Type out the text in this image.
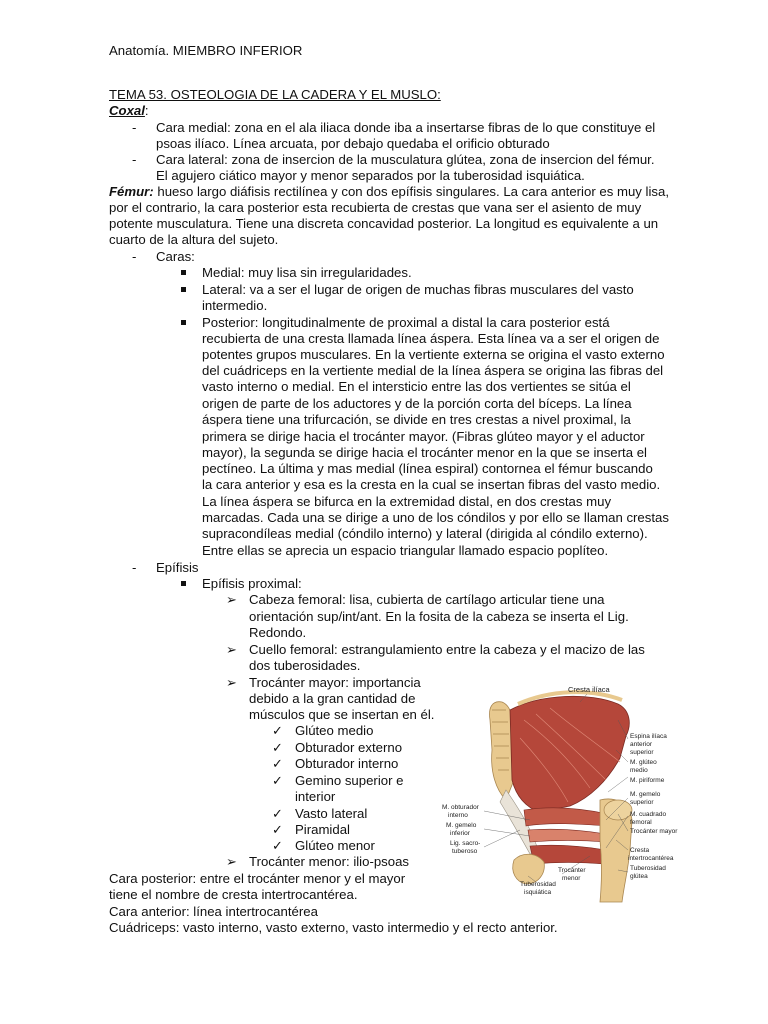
Anatomía. MIEMBRO INFERIOR
TEMA 53. OSTEOLOGIA DE LA CADERA Y EL MUSLO:
Coxal:
- Cara medial: zona en el ala iliaca donde iba a insertarse fibras de lo que constituye el
psoas ilíaco. Línea arcuata, por debajo quedaba el orificio obturado
- Cara lateral: zona de insercion de la musculatura glútea, zona de insercion del fémur.
El agujero ciático mayor y menor separados por la tuberosidad isquiática.
Fémur: hueso largo diáfisis rectilínea y con dos epífisis singulares. La cara anterior es muy lisa,
por el contrario, la cara posterior esta recubierta de crestas que vana ser el asiento de muy
potente musculatura. Tiene una discreta concavidad posterior. La longitud es equivalente a un
cuarto de la altura del sujeto.
- Caras:
Medial: muy lisa sin irregularidades.
Lateral: va a ser el lugar de origen de muchas fibras musculares del vasto
intermedio.
Posterior: longitudinalmente de proximal a distal la cara posterior está
recubierta de una cresta llamada línea áspera. Esta línea va a ser el origen de
potentes grupos musculares. En la vertiente externa se origina el vasto externo
del cuádriceps en la vertiente medial de la línea áspera se origina las fibras del
vasto interno o medial. En el intersticio entre las dos vertientes se sitúa el
origen de parte de los aductores y de la porción corta del bíceps. La línea
áspera tiene una trifurcación, se divide en tres crestas a nivel proximal, la
primera se dirige hacia el trocánter mayor. (Fibras glúteo mayor y el aductor
mayor), la segunda se dirige hacia el trocánter menor en la que se inserta el
pectíneo. La última y mas medial (línea espiral) contornea el fémur buscando
la cara anterior y esa es la cresta en la cual se insertan fibras del vasto medio.
La línea áspera se bifurca en la extremidad distal, en dos crestas muy
marcadas. Cada una se dirige a uno de los cóndilos y por ello se llaman crestas
supracondíleas medial (cóndilo interno) y lateral (dirigida al cóndilo externo).
Entre ellas se aprecia un espacio triangular llamado espacio poplíteo.
- Epífisis
Epífisis proximal:
➢ Cabeza femoral: lisa, cubierta de cartílago articular tiene una
orientación sup/int/ant. En la fosita de la cabeza se inserta el Lig.
Redondo.
➢ Cuello femoral: estrangulamiento entre la cabeza y el macizo de las
dos tuberosidades.
➢ Trocánter mayor: importancia
debido a la gran cantidad de
músculos que se insertan en él.
✓ Glúteo medio
✓ Obturador externo
✓ Obturador interno
✓ Gemino superior e
interior
✓ Vasto lateral
✓ Piramidal
✓ Glúteo menor
➢ Trocánter menor: ilio-psoas
Cara posterior: entre el trocánter menor y el mayor
tiene el nombre de cresta intertrocantérea.
Cara anterior: línea intertrocantérea
Cuádriceps: vasto interno, vasto externo, vasto intermedio y el recto anterior.
Cresta ilíaca
Espina ilíaca
anterior
superior
M. glúteo
medio
M. piriforme
M. gemelo
superior
M. cuadrado
femoral
Trocánter mayor
Cresta
intertrocantérea
Tuberosidad
glútea
M. obturador
interno
M. gemelo
inferior
Lig. sacro-
tuberoso
Trocánter
menor
Tuberosidad
isquiática
